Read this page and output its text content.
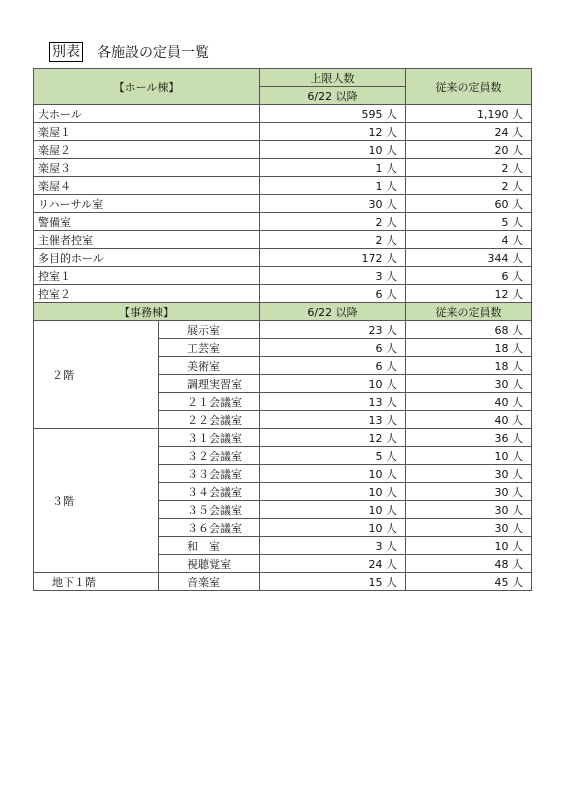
別表 各施設の定員一覧
【ホール棟】		上限人数	従来の定員数
		6/22 以降	
大ホール		595 人	1,190 人
楽屋１		12 人	24 人
楽屋２		10 人	20 人
楽屋３		1 人	2 人
楽屋４		1 人	2 人
リハーサル室		30 人	60 人
警備室		2 人	5 人
主催者控室		2 人	4 人
多目的ホール		172 人	344 人
控室１		3 人	6 人
控室２		6 人	12 人
【事務棟】		6/22 以降	従来の定員数
２階	展示室	23 人	68 人
	工芸室	6 人	18 人
	美術室	6 人	18 人
	調理実習室	10 人	30 人
	２１会議室	13 人	40 人
	２２会議室	13 人	40 人
３階	３１会議室	12 人	36 人
	３２会議室	5 人	10 人
	３３会議室	10 人	30 人
	３４会議室	10 人	30 人
	３５会議室	10 人	30 人
	３６会議室	10 人	30 人
	和　室	3 人	10 人
	視聴覚室	24 人	48 人
地下１階	音楽室	15 人	45 人
